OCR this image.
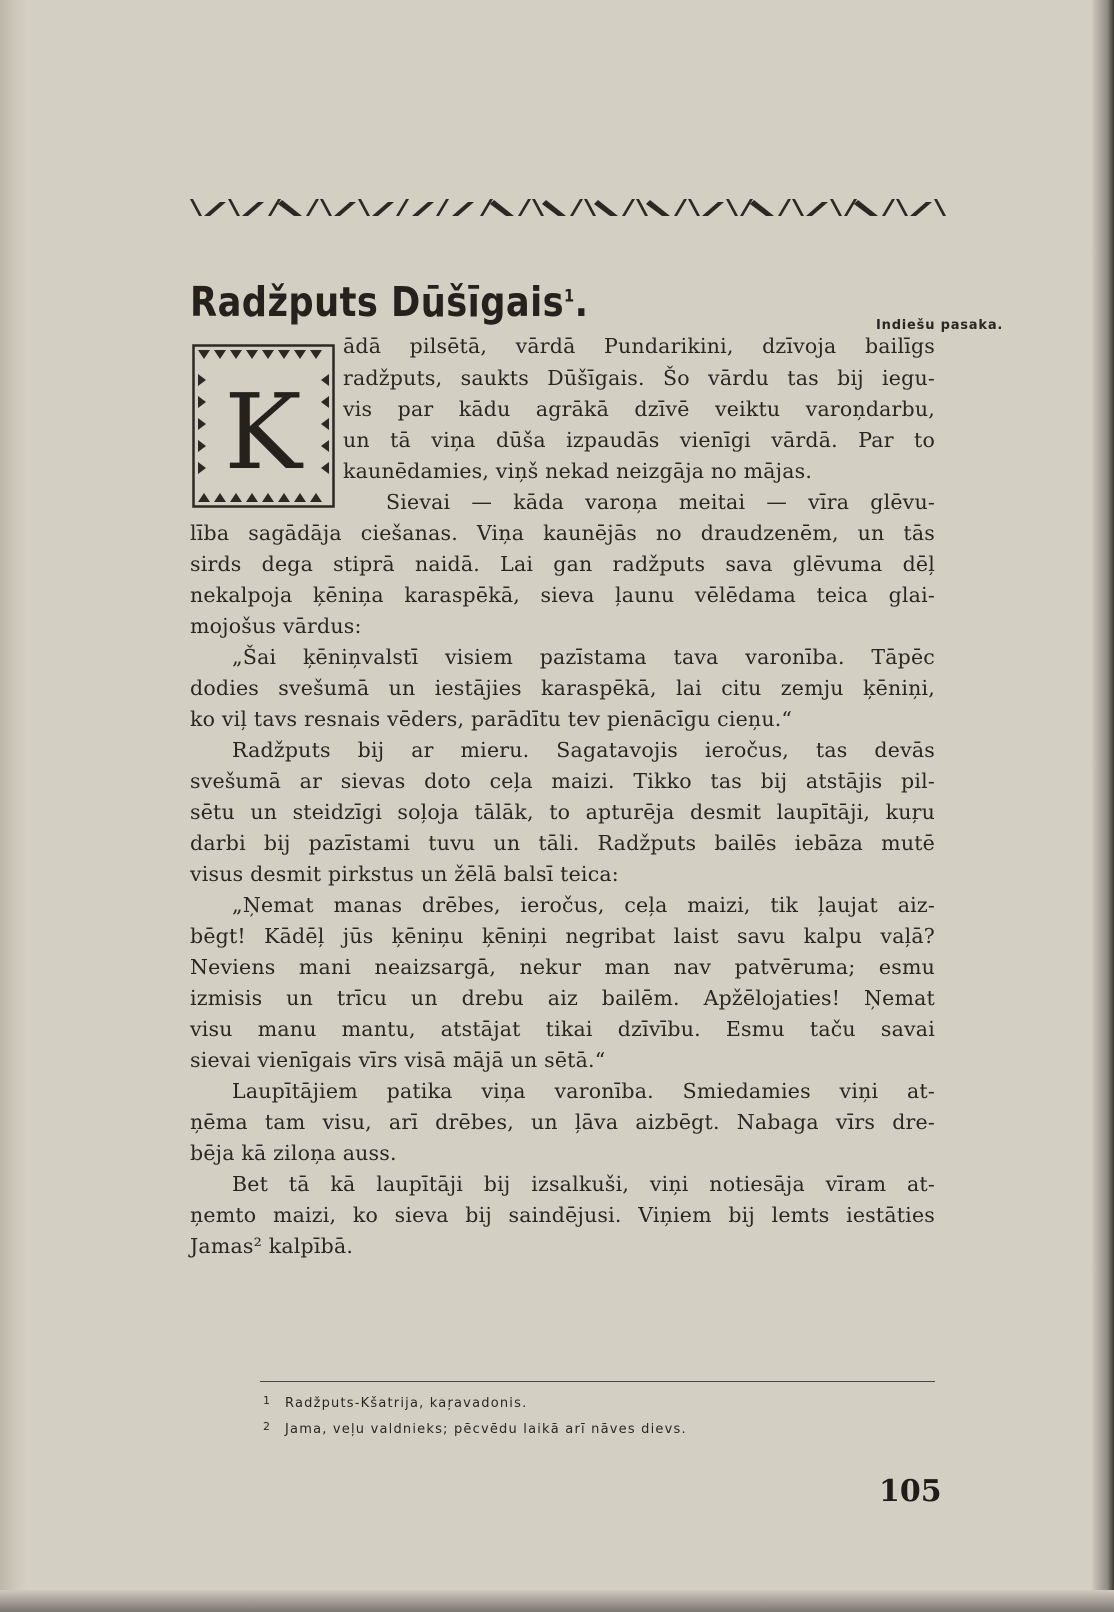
Radžputs Dūšīgais$^1$.	Indiešu pasaka.
K
ādā pilsētā, vārdā Pundarikini, dzīvoja bailīgs
radžputs, saukts Dūšīgais. Šo vārdu tas bij iegu-
vis par kādu agrākā dzīvē veiktu varoņdarbu,
un tā viņa dūša izpaudās vienīgi vārdā. Par to
kaunēdamies, viņš nekad neizgāja no mājas.
Sievai — kāda varoņa meitai — vīra glēvu-
lība sagādāja ciešanas. Viņa kaunējās no draudzenēm, un tās
sirds dega stiprā naidā. Lai gan radžputs sava glēvuma dēļ
nekalpoja ķēniņa karaspēkā, sieva ļaunu vēlēdama teica glai-
mojošus vārdus:
„Šai ķēniņvalstī visiem pazīstama tava varonība. Tāpēc
dodies svešumā un iestājies karaspēkā, lai citu zemju ķēniņi,
ko viļ tavs resnais vēders, parādītu tev pienācīgu cieņu.“
Radžputs bij ar mieru. Sagatavojis ieročus, tas devās
svešumā ar sievas doto ceļa maizi. Tikko tas bij atstājis pil-
sētu un steidzīgi soļoja tālāk, to apturēja desmit laupītāji, kuŗu
darbi bij pazīstami tuvu un tāli. Radžputs bailēs iebāza mutē
visus desmit pirkstus un žēlā balsī teica:
„Ņemat manas drēbes, ieročus, ceļa maizi, tik ļaujat aiz-
bēgt! Kādēļ jūs ķēniņu ķēniņi negribat laist savu kalpu vaļā?
Neviens mani neaizsargā, nekur man nav patvēruma; esmu
izmisis un trīcu un drebu aiz bailēm. Apžēlojaties! Ņemat
visu manu mantu, atstājat tikai dzīvību. Esmu taču savai
sievai vienīgais vīrs visā mājā un sētā.“
Laupītājiem patika viņa varonība. Smiedamies viņi at-
ņēma tam visu, arī drēbes, un ļāva aizbēgt. Nabaga vīrs dre-
bēja kā ziloņa auss.
Bet tā kā laupītāji bij izsalkuši, viņi notiesāja vīram at-
ņemto maizi, ko sieva bij saindējusi. Viņiem bij lemts iestāties
Jamas² kalpībā.
1 Radžputs-Kšatrija, kaŗavadonis.
2 Jama, veļu valdnieks; pēcvēdu laikā arī nāves dievs.
105
